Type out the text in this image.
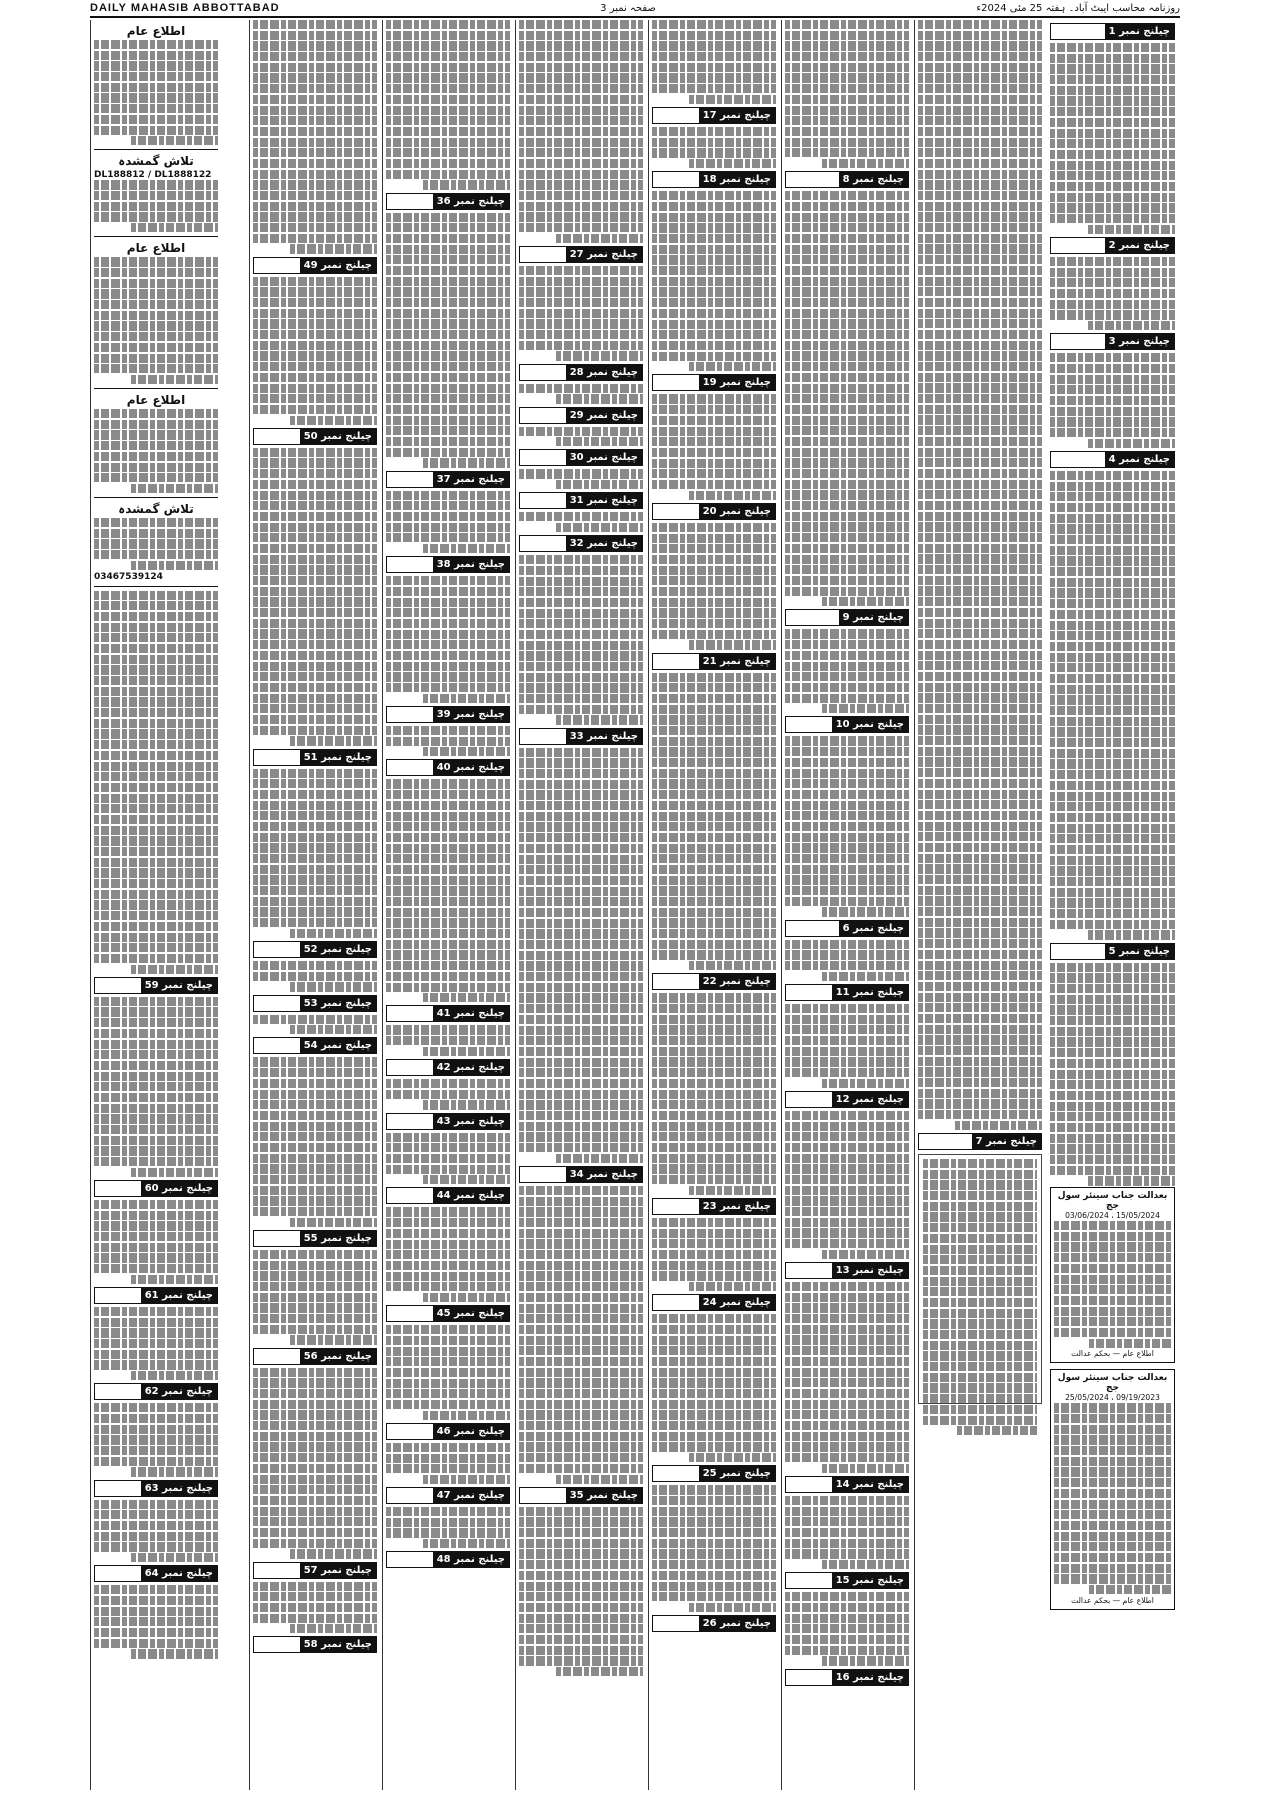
DAILY MAHASIB ABBOTTABAD	صفحہ نمبر 3	روزنامہ محاسب ایبٹ آباد۔ ہفتہ 25 مئی 2024ء
چیلنج نمبر

1
چیلنج نمبر

2
چیلنج نمبر

3
چیلنج نمبر

4
چیلنج نمبر

5
بعدالت جناب سینئر سول جج
15/05/2024 ، 03/06/2024
اطلاع عام — بحکم عدالت
بعدالت جناب سینئر سول جج
09/19/2023 ، 25/05/2024
اطلاع عام — بحکم عدالت
چیلنج نمبر
7
چیلنج نمبر

8
چیلنج نمبر

9
چیلنج نمبر

10
چیلنج نمبر

6
چیلنج نمبر

11
چیلنج نمبر

12
چیلنج نمبر

13
چیلنج نمبر

14
چیلنج نمبر

15
چیلنج نمبر

16
چیلنج نمبر

17
چیلنج نمبر

18
چیلنج نمبر

19
چیلنج نمبر

20
چیلنج نمبر

21
چیلنج نمبر

22
چیلنج نمبر

23
چیلنج نمبر

24
چیلنج نمبر

25
چیلنج نمبر

26
چیلنج نمبر

27
چیلنج نمبر

28
چیلنج نمبر

29
چیلنج نمبر

30
چیلنج نمبر

31
چیلنج نمبر

32
چیلنج نمبر

33
چیلنج نمبر

34
چیلنج نمبر

35
چیلنج نمبر

36
چیلنج نمبر

37
چیلنج نمبر

38
چیلنج نمبر

39
چیلنج نمبر

40
چیلنج نمبر

41
چیلنج نمبر

42
چیلنج نمبر

43
چیلنج نمبر

44
چیلنج نمبر

45
چیلنج نمبر

46
چیلنج نمبر

47
چیلنج نمبر

48
چیلنج نمبر

49
چیلنج نمبر

50
چیلنج نمبر

51
چیلنج نمبر

52
چیلنج نمبر

53
چیلنج نمبر

54
چیلنج نمبر

55
چیلنج نمبر

56
چیلنج نمبر

57
چیلنج نمبر

58
اطلاع عام
تلاش گمشدہ
DL188812 / DL1888122
اطلاع عام
اطلاع عام
تلاش گمشدہ
03467539124
چیلنج نمبر

59
چیلنج نمبر

60
چیلنج نمبر

61
چیلنج نمبر

62
چیلنج نمبر

63
چیلنج نمبر

64
